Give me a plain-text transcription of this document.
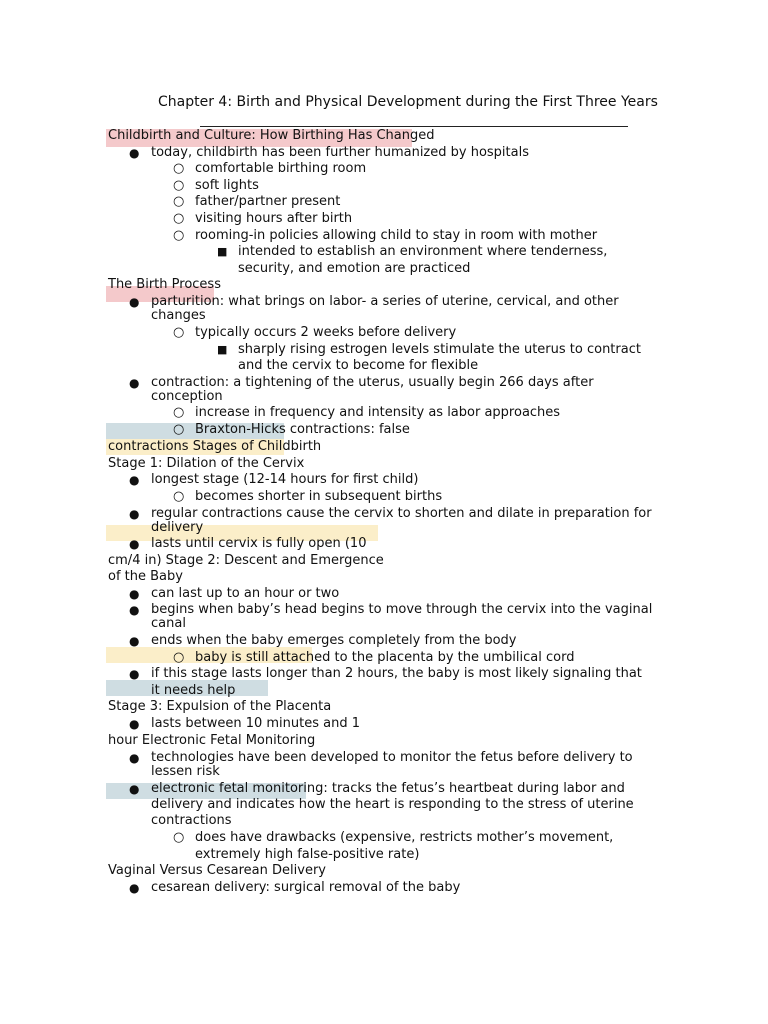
Chapter 4: Birth and Physical Development during the First Three Years
Childbirth and Culture: How Birthing Has Changed
● today, childbirth has been further humanized by hospitals
○ comfortable birthing room
○ soft lights
○ father/partner present
○ visiting hours after birth
○ rooming-in policies allowing child to stay in room with mother
■ intended to establish an environment where tenderness,
security, and emotion are practiced
The Birth Process
● parturition: what brings on labor- a series of uterine, cervical, and other
changes
○ typically occurs 2 weeks before delivery
■ sharply rising estrogen levels stimulate the uterus to contract
and the cervix to become for flexible
● contraction: a tightening of the uterus, usually begin 266 days after
conception
○ increase in frequency and intensity as labor approaches
○ Braxton-Hicks contractions: false
contractions Stages of Childbirth
Stage 1: Dilation of the Cervix
● longest stage (12-14 hours for first child)
○ becomes shorter in subsequent births
● regular contractions cause the cervix to shorten and dilate in preparation for
delivery
● lasts until cervix is fully open (10
cm/4 in) Stage 2: Descent and Emergence
of the Baby
● can last up to an hour or two
● begins when baby’s head begins to move through the cervix into the vaginal
canal
● ends when the baby emerges completely from the body
○ baby is still attached to the placenta by the umbilical cord
● if this stage lasts longer than 2 hours, the baby is most likely signaling that
it needs help
Stage 3: Expulsion of the Placenta
● lasts between 10 minutes and 1
hour Electronic Fetal Monitoring
● technologies have been developed to monitor the fetus before delivery to
lessen risk
● electronic fetal monitoring: tracks the fetus’s heartbeat during labor and
delivery and indicates how the heart is responding to the stress of uterine
contractions
○ does have drawbacks (expensive, restricts mother’s movement,
extremely high false-positive rate)
Vaginal Versus Cesarean Delivery
● cesarean delivery: surgical removal of the baby
